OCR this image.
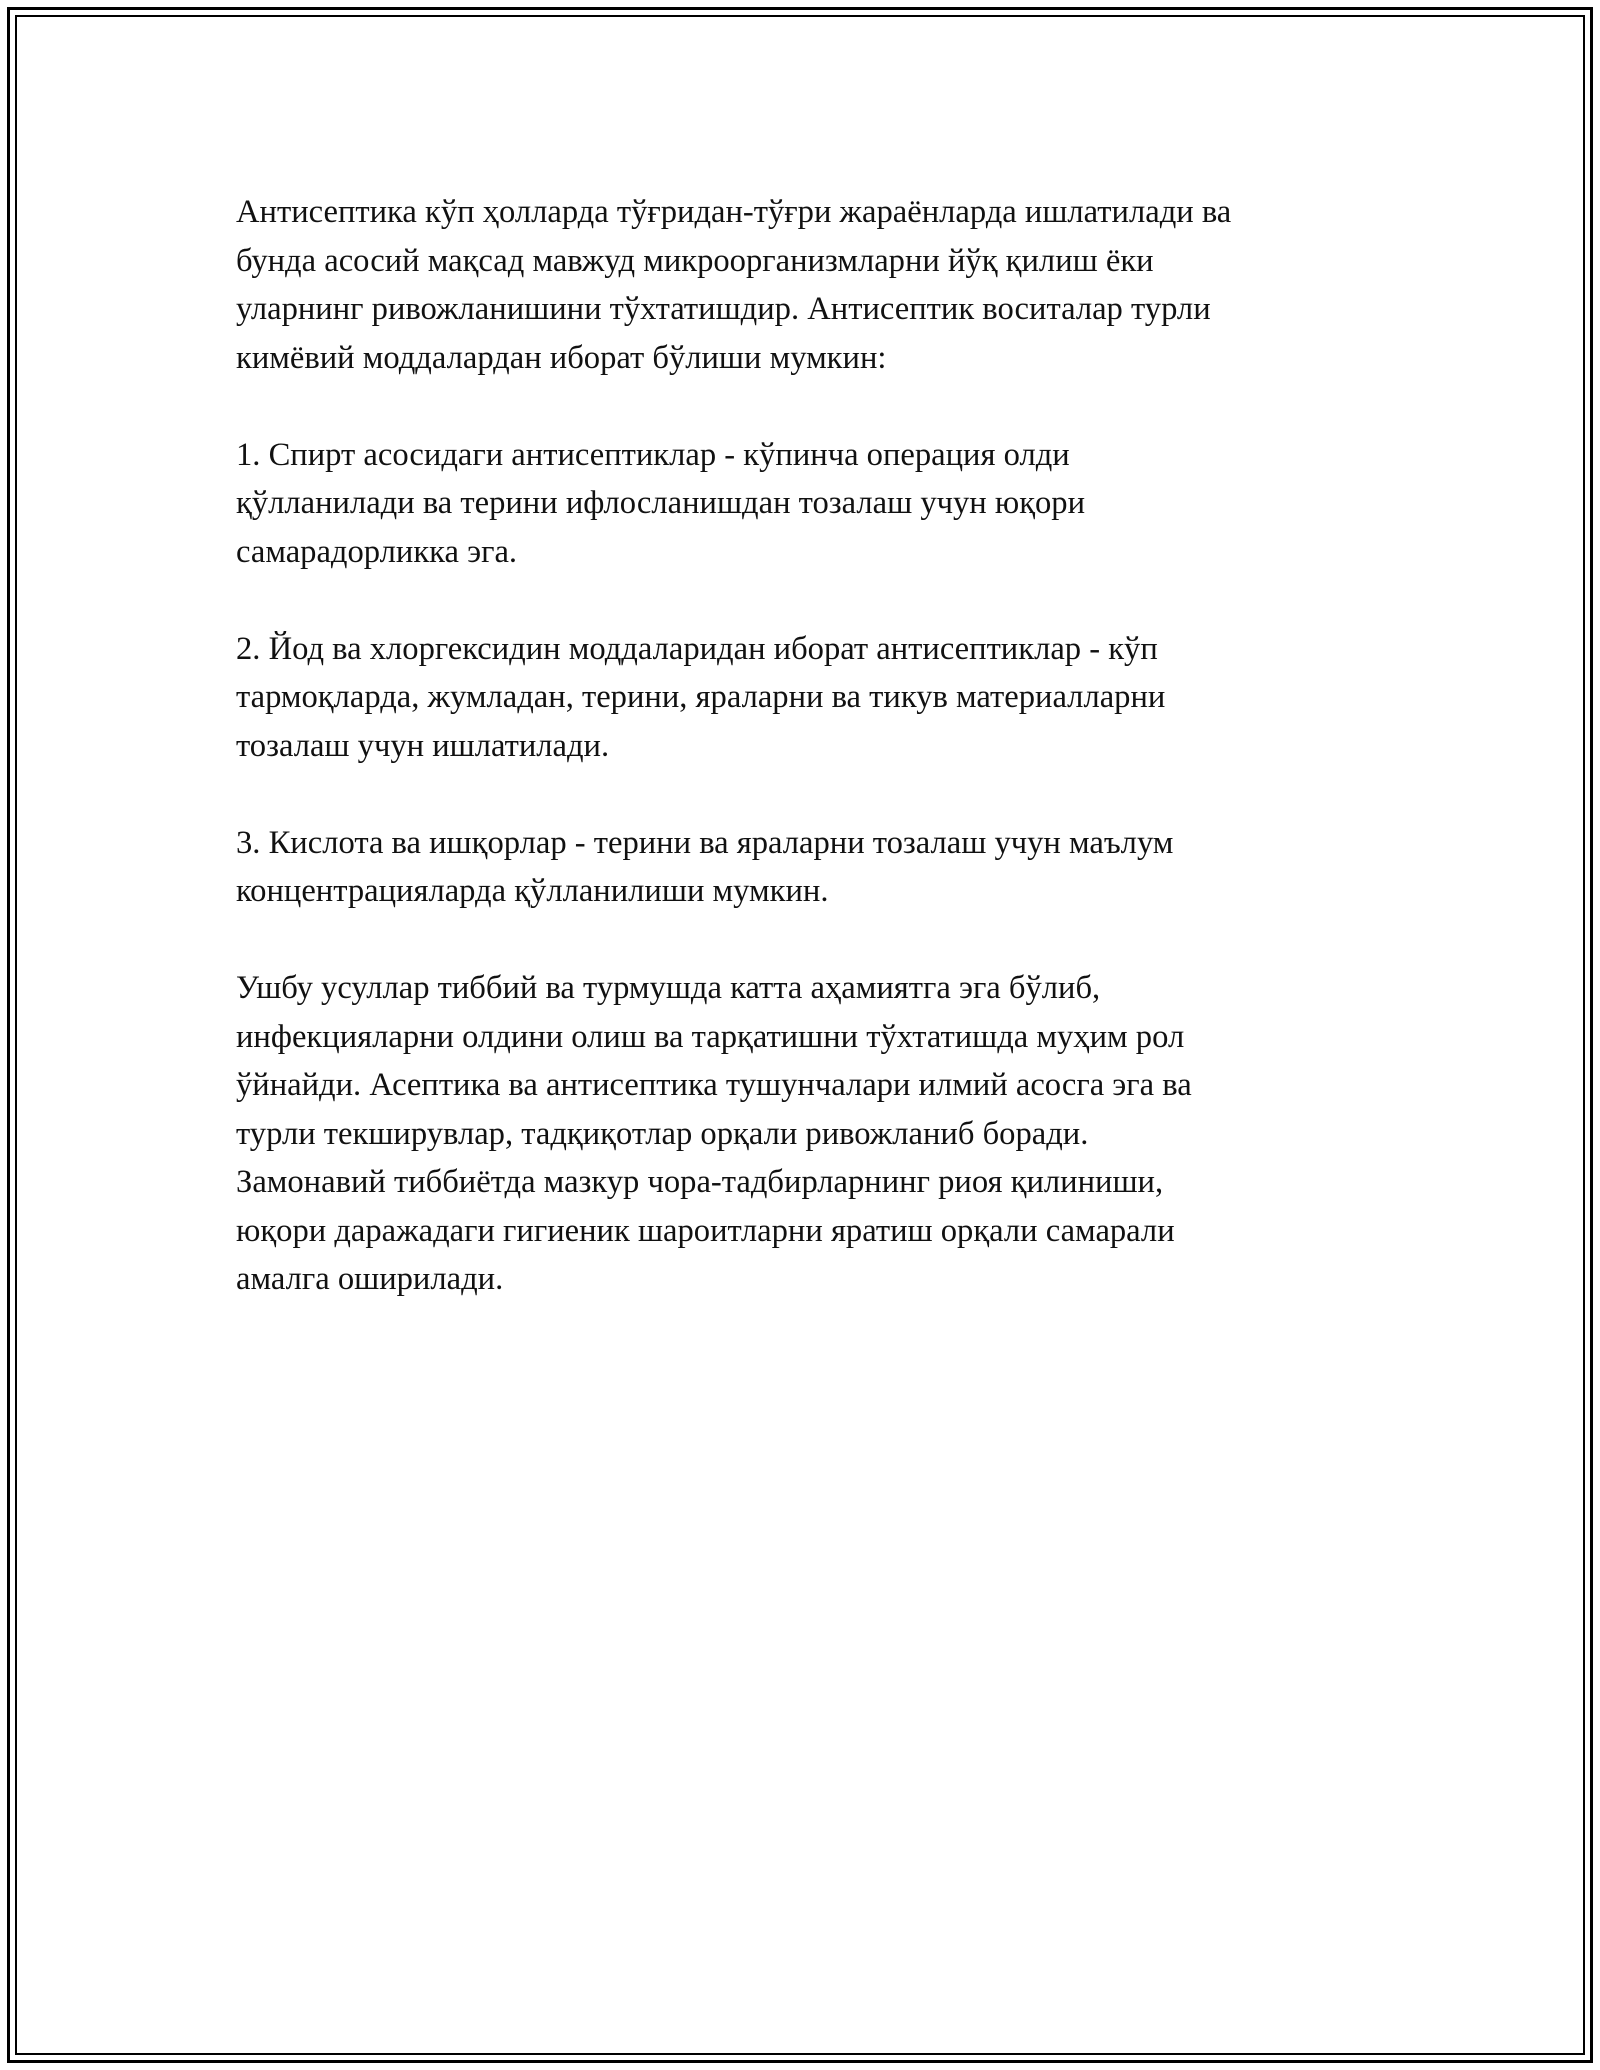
Антисептика кўп ҳолларда тўғридан-тўғри жараёнларда ишлатилади ва
бунда асосий мақсад мавжуд микроорганизмларни йўқ қилиш ёки
уларнинг ривожланишини тўхтатишдир. Антисептик воситалар турли
кимёвий моддалардан иборат бўлиши мумкин:

1. Спирт асосидаги антисептиклар - кўпинча операция олди
қўлланилади ва терини ифлосланишдан тозалаш учун юқори
самарадорликка эга.

2. Йод ва хлоргексидин моддаларидан иборат антисептиклар - кўп
тармоқларда, жумладан, терини, яраларни ва тикув материалларни
тозалаш учун ишлатилади.

3. Кислота ва ишқорлар - терини ва яраларни тозалаш учун маълум
концентрацияларда қўлланилиши мумкин.

Ушбу усуллар тиббий ва турмушда катта аҳамиятга эга бўлиб,
инфекцияларни олдини олиш ва тарқатишни тўхтатишда муҳим рол
ўйнайди. Асептика ва антисептика тушунчалари илмий асосга эга ва
турли текширувлар, тадқиқотлар орқали ривожланиб боради.
Замонавий тиббиётда мазкур чора-тадбирларнинг риоя қилиниши,
юқори даражадаги гигиеник шароитларни яратиш орқали самарали
амалга оширилади.
